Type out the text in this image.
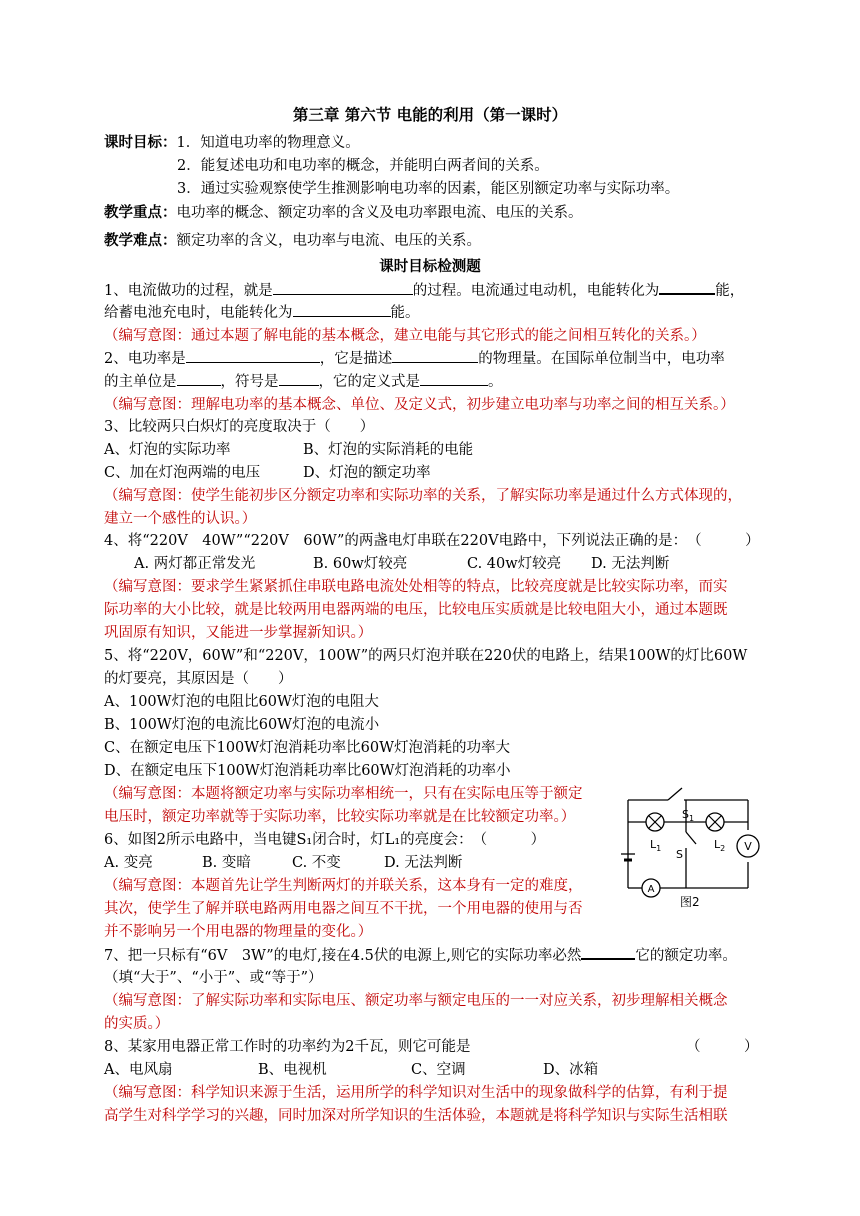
第三章 第六节 电能的利用（第一课时）
课时目标：1．知道电功率的物理意义。
2．能复述电功和电功率的概念，并能明白两者间的关系。
3．通过实验观察使学生推测影响电功率的因素，能区别额定功率与实际功率。
教学重点：电功率的概念、额定功率的含义及电功率跟电流、电压的关系。
教学难点：额定功率的含义，电功率与电流、电压的关系。
课时目标检测题
1、电流做功的过程，就是	的过程。电流通过电动机，电能转化为	能，
给蓄电池充电时，电能转化为	能。
（编写意图：通过本题了解电能的基本概念，建立电能与其它形式的能之间相互转化的关系。）
2、电功率是	，它是描述	的物理量。在国际单位制当中，电功率
的主单位是	，符号是	，它的定义式是	。
（编写意图：理解电功率的基本概念、单位、及定义式，初步建立电功率与功率之间的相互关系。）
3、比较两只白炽灯的亮度取决于（　　）
A、灯泡的实际功率	B、灯泡的实际消耗的电能
C、加在灯泡两端的电压	D、灯泡的额定功率
（编写意图：使学生能初步区分额定功率和实际功率的关系，了解实际功率是通过什么方式体现的，
建立一个感性的认识。）
4、将“220V　40W”“220V　60W”的两盏电灯串联在220V电路中，下列说法正确的是：　（　　　）
A. 两灯都正常发光	B. 60w灯较亮	C. 40w灯较亮 D. 无法判断
（编写意图：要求学生紧紧抓住串联电路电流处处相等的特点，比较亮度就是比较实际功率，而实
际功率的大小比较，就是比较两用电器两端的电压，比较电压实质就是比较电阻大小，通过本题既
巩固原有知识，又能进一步掌握新知识。）
5、将“220V，60W”和“220V，100W”的两只灯泡并联在220伏的电路上，结果100W的灯比60W
的灯要亮，其原因是（　　）
A、100W灯泡的电阻比60W灯泡的电阻大
B、100W灯泡的电流比60W灯泡的电流小
C、在额定电压下100W灯泡消耗功率比60W灯泡消耗的功率大
D、在额定电压下100W灯泡消耗功率比60W灯泡消耗的功率小
（编写意图：本题将额定功率与实际功率相统一，只有在实际电压等于额定
电压时，额定功率就等于实际功率，比较实际功率就是在比较额定功率。）
6、如图2所示电路中，当电键S₁闭合时，灯L₁的亮度会：　（　　　）
A. 变亮	B. 变暗	C. 不变	D. 无法判断
（编写意图：本题首先让学生判断两灯的并联关系，这本身有一定的难度，
其次，使学生了解并联电路两用电器之间互不干扰，一个用电器的使用与否
并不影响另一个用电器的物理量的变化。）
V
A
$S_1$
$L_1$	$L_2$
S
图2
7、把一只标有“6V　3W”的电灯,接在4.5伏的电源上,则它的实际功率必然	它的额定功率。
（填“大于”、“小于”、或“等于”）
（编写意图：了解实际功率和实际电压、额定功率与额定电压的一一对应关系，初步理解相关概念
的实质。）
8、某家用电器正常工作时的功率约为2千瓦，则它可能是	（　　　）
A、电风扇	B、电视机	C、空调	D、冰箱
（编写意图：科学知识来源于生活，运用所学的科学知识对生活中的现象做科学的估算，有利于提
高学生对科学学习的兴趣，同时加深对所学知识的生活体验，本题就是将科学知识与实际生活相联
